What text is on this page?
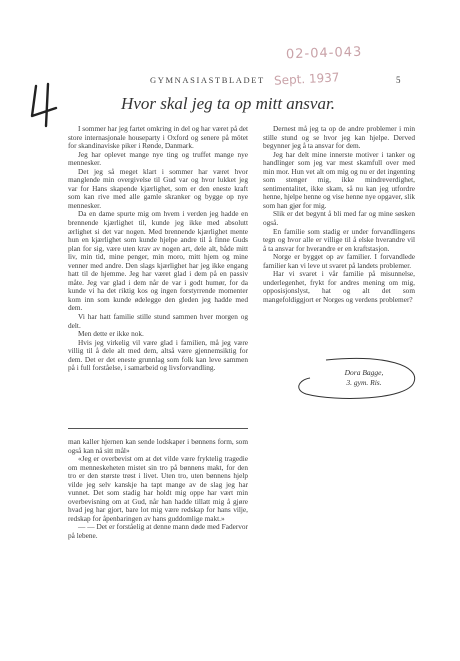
02-04-043
Sept. 1937
GYMNASIASTBLADET	5
Hvor skal jeg ta op mitt ansvar.

I sommer har jeg fartet omkring in del og har været på det store internasjonale houseparty i Oxford og senere på mötet for skandinaviske piker i Rønde, Danmark.

Jeg har oplevet mange nye ting og truffet mange nye mennesker.

Det jeg så meget klart i sommer har været hvor manglende min overgivelse til Gud var og hvor lukket jeg var for Hans skapende kjærlighet, som er den eneste kraft som kan rive med alle gamle skranker og bygge op nye mennesker.

Da en dame spurte mig om hvem i verden jeg hadde en brennende kjærlighet til, kunde jeg ikke med absolutt ærlighet si det var nogen. Med brennende kjærlighet mente hun en kjærlighet som kunde hjelpe andre til å finne Guds plan for sig, være uten krav av nogen art, dele alt, både mitt liv, min tid, mine penger, min moro, mitt hjem og mine venner med andre. Den slags kjærlighet har jeg ikke engang hatt til de hjemme. Jeg har været glad i dem på en passiv måte. Jeg var glad i dem når de var i godt humør, for da kunde vi ha det riktig kos og ingen forstyrrende momenter kom inn som kunde ødelegge den gleden jeg hadde med dem.

Vi har hatt familie stille stund sammen hver morgen og delt.

Men dette er ikke nok.

Hvis jeg virkelig vil være glad i familien, må jeg være villig til å dele alt med dem, altså være gjennemsiktig for dem. Det er det eneste grunnlag som folk kan leve sammen på i full forståelse, i samarbeid og livsforvandling.

Dernest må jeg ta op de andre problemer i min stille stund og se hvor jeg kan hjelpe. Derved begynner jeg å ta ansvar for dem.

Jeg har delt mine innerste motiver i tanker og handlinger som jeg var mest skamfull over med min mor. Hun vet alt om mig og nu er det ingenting som stenger mig, ikke mindreverdighet, sentimentalitet, ikke skam, så nu kan jeg utfordre henne, hjelpe henne og vise henne nye opgaver, slik som han gjør for mig.

Slik er det begynt å bli med far og mine søsken også.

En familie som stadig er under forvandlingens tegn og hvor alle er villige til å elske hverandre vil å ta ansvar for hverandre er en kraftstasjon.

Norge er bygget op av familier. I forvandlede familier kan vi leve ut svaret på landets problemer.

Har vi svaret i vår familie på misunnelse, underlegenhet, frykt for andres mening om mig, opposisjonslyst, hat og alt det som mangefoldiggjort er Norges og verdens problemer?

Dora Bagge,
3. gym. Ris.

man kaller hjernen kan sende lodskaper i bønnens form, som også kan nå sitt mål»

«Jeg er overbevist om at det vilde være fryktelig tragedie om menneskeheten mistet sin tro på bønnens makt, for den tro er den største trøst i livet. Uten tro, uten bønnens hjelp vilde jeg selv kanskje ha tapt mange av de slag jeg har vunnet. Det som stadig har holdt mig oppe har vært min overbevisning om at Gud, når han hadde tillatt mig å gjøre hvad jeg har gjort, bare lot mig være redskap for hans vilje, redskap for åpenbaringen av hans guddomlige makt.»

— — Det er forståelig at denne mann døde med Fadervor på lebene.
